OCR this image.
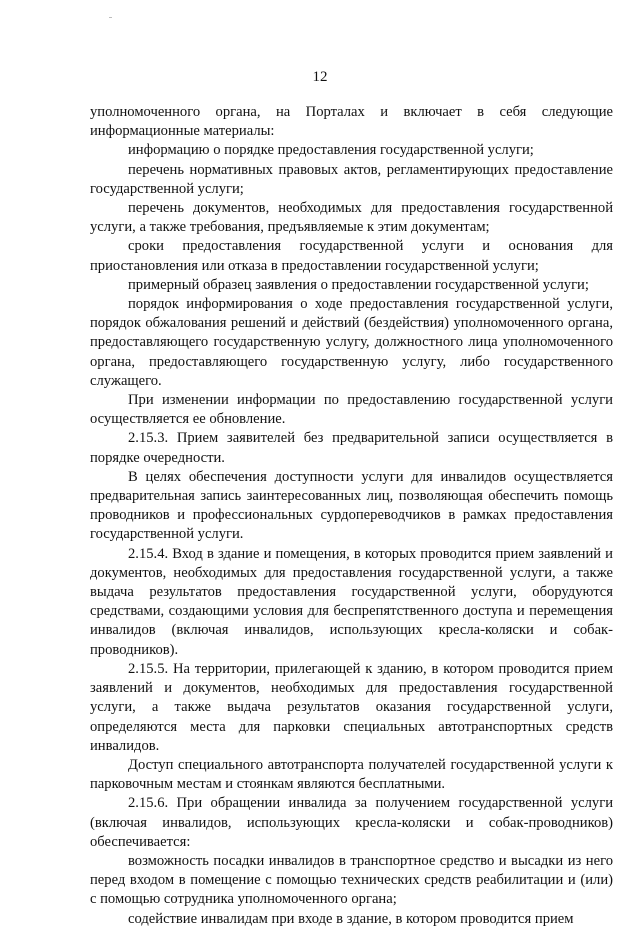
12

уполномоченного органа, на Порталах и включает в себя следующие информационные материалы:

информацию о порядке предоставления государственной услуги;

перечень нормативных правовых актов, регламентирующих предоставление государственной услуги;

перечень документов, необходимых для предоставления государственной услуги, а также требования, предъявляемые к этим документам;

сроки предоставления государственной услуги и основания для приостановления или отказа в предоставлении государственной услуги;

примерный образец заявления о предоставлении государственной услуги;

порядок информирования о ходе предоставления государственной услуги, порядок обжалования решений и действий (бездействия) уполномоченного органа, предоставляющего государственную услугу, должностного лица уполномоченного органа, предоставляющего государственную услугу, либо государственного служащего.

При изменении информации по предоставлению государственной услуги осуществляется ее обновление.

2.15.3. Прием заявителей без предварительной записи осуществляется в порядке очередности.

В целях обеспечения доступности услуги для инвалидов осуществляется предварительная запись заинтересованных лиц, позволяющая обеспечить помощь проводников и профессиональных сурдопереводчиков в рамках предоставления государственной услуги.

2.15.4. Вход в здание и помещения, в которых проводится прием заявлений и документов, необходимых для предоставления государственной услуги, а также выдача результатов предоставления государственной услуги, оборудуются средствами, создающими условия для беспрепятственного доступа и перемещения инвалидов (включая инвалидов, использующих кресла-коляски и собак-проводников).

2.15.5. На территории, прилегающей к зданию, в котором проводится прием заявлений и документов, необходимых для предоставления государственной услуги, а также выдача результатов оказания государственной услуги, определяются места для парковки специальных автотранспортных средств инвалидов.

Доступ специального автотранспорта получателей государственной услуги к парковочным местам и стоянкам являются бесплатными.

2.15.6. При обращении инвалида за получением государственной услуги (включая инвалидов, использующих кресла-коляски и собак-проводников) обеспечивается:

возможность посадки инвалидов в транспортное средство и высадки из него перед входом в помещение с помощью технических средств реабилитации и (или) с помощью сотрудника уполномоченного органа;

содействие инвалидам при входе в здание, в котором проводится прием
